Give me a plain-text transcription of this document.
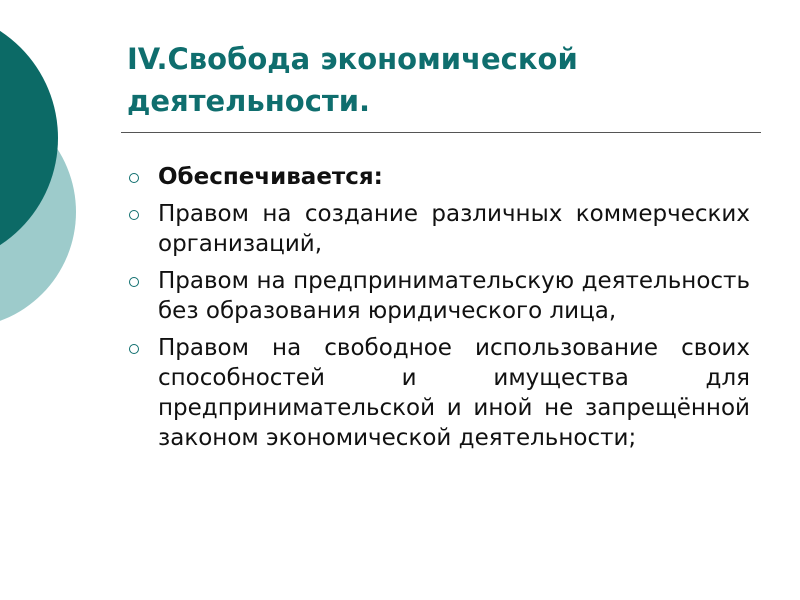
IV.Свобода экономической деятельности.
Обеспечивается:
Правом на создание различных коммерческих организаций,
Правом на предпринимательскую деятельность без образования юридического лица,
Правом на свободное использование своих способностей и имущества для предпринимательской и иной не запрещённой законом экономической деятельности;
